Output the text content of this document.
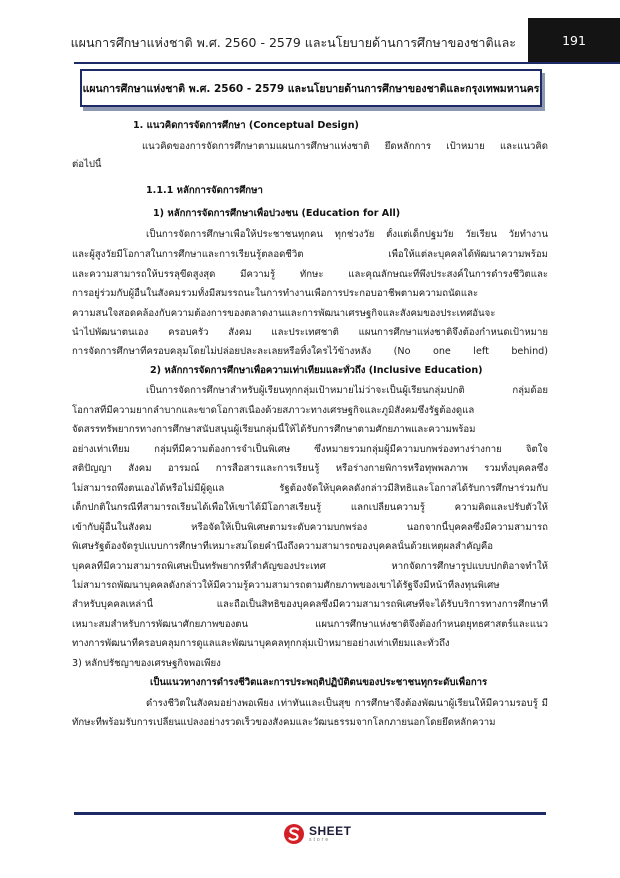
แผนการศึกษาแห่งชาติ พ.ศ. 2560 - 2579 และนโยบายด้านการศึกษาของชาติและ	191
แผนการศึกษาแห่งชาติ พ.ศ. 2560 - 2579 และนโยบายด้านการศึกษาของชาติและกรุงเทพมหานคร
1. แนวคิดการจัดการศึกษา (Conceptual Design)
แนวคิดของการจัดการศึกษาตามแผนการศึกษาแห่งชาติ ยึดหลักการ เป้าหมาย และแนวคิด
ต่อไปนี้
1.1.1 หลักการจัดการศึกษา
1) หลักการจัดการศึกษาเพื่อปวงชน (Education for All)
เป็นการจัดการศึกษาเพื่อให้ประชาชนทุกคน ทุกช่วงวัย ตั้งแต่เด็กปฐมวัย วัยเรียน วัยทำงาน
และผู้สูงวัยมีโอกาสในการศึกษาและการเรียนรู้ตลอดชีวิต เพื่อให้แต่ละบุคคลได้พัฒนาความพร้อม
และความสามารถให้บรรลุขีดสูงสุด มีความรู้ ทักษะ และคุณลักษณะที่พึงประสงค์ในการดำรงชีวิตและ
การอยู่ร่วมกับผู้อื่นในสังคมรวมทั้งมีสมรรถนะในการทำงานเพื่อการประกอบอาชีพตามความถนัดและ
ความสนใจสอดคล้องกับความต้องการของตลาดงานและการพัฒนาเศรษฐกิจและสังคมของประเทศอันจะ
นำไปพัฒนาตนเอง ครอบครัว สังคม และประเทศชาติ แผนการศึกษาแห่งชาติจึงต้องกำหนดเป้าหมาย
การจัดการศึกษาที่ครอบคลุมโดยไม่ปล่อยปละละเลยหรือทิ้งใครไว้ข้างหลัง (No one left behind)
2) หลักการจัดการศึกษาเพื่อความเท่าเทียมและทั่วถึง (Inclusive Education)
เป็นการจัดการศึกษาสำหรับผู้เรียนทุกกลุ่มเป้าหมายไม่ว่าจะเป็นผู้เรียนกลุ่มปกติ กลุ่มด้อย
โอกาสที่มีความยากลำบากและขาดโอกาสเนื่องด้วยสภาวะทางเศรษฐกิจและภูมิสังคมซึ่งรัฐต้องดูแล
จัดสรรทรัพยากรทางการศึกษาสนับสนุนผู้เรียนกลุ่มนี้ให้ได้รับการศึกษาตามศักยภาพและความพร้อม
อย่างเท่าเทียม กลุ่มที่มีความต้องการจำเป็นพิเศษ ซึ่งหมายรวมกลุ่มผู้มีความบกพร่องทางร่างกาย จิตใจ
สติปัญญา สังคม อารมณ์ การสื่อสารและการเรียนรู้ หรือร่างกายพิการหรือทุพพลภาพ รวมทั้งบุคคลซึ่ง
ไม่สามารถพึ่งตนเองได้หรือไม่มีผู้ดูแล รัฐต้องจัดให้บุคคลดังกล่าวมีสิทธิและโอกาสได้รับการศึกษาร่วมกับ
เด็กปกติในกรณีที่สามารถเรียนได้เพื่อให้เขาได้มีโอกาสเรียนรู้ แลกเปลี่ยนความรู้ ความคิดและปรับตัวให้
เข้ากับผู้อื่นในสังคม หรือจัดให้เป็นพิเศษตามระดับความบกพร่อง นอกจากนี้บุคคลซึ่งมีความสามารถ
พิเศษรัฐต้องจัดรูปแบบการศึกษาที่เหมาะสมโดยคำนึงถึงความสามารถของบุคคลนั้นด้วยเหตุผลสำคัญคือ
บุคคลที่มีความสามารถพิเศษเป็นทรัพยากรที่สำคัญของประเทศ หากจัดการศึกษารูปแบบปกติอาจทำให้
ไม่สามารถพัฒนาบุคคลดังกล่าวให้มีความรู้ความสามารถตามศักยภาพของเขาได้รัฐจึงมีหน้าที่ลงทุนพิเศษ
สำหรับบุคคลเหล่านี้ และถือเป็นสิทธิของบุคคลซึ่งมีความสามารถพิเศษที่จะได้รับบริการทางการศึกษาที่
เหมาะสมสำหรับการพัฒนาศักยภาพของตน แผนการศึกษาแห่งชาติจึงต้องกำหนดยุทธศาสตร์และแนว
ทางการพัฒนาที่ครอบคลุมการดูแลและพัฒนาบุคคลทุกกลุ่มเป้าหมายอย่างเท่าเทียมและทั่วถึง
3) หลักปรัชญาของเศรษฐกิจพอเพียง
เป็นแนวทางการดำรงชีวิตและการประพฤติปฏิบัติตนของประชาชนทุกระดับเพื่อการ
ดำรงชีวิตในสังคมอย่างพอเพียง เท่าทันและเป็นสุข การศึกษาจึงต้องพัฒนาผู้เรียนให้มีความรอบรู้ มี
ทักษะที่พร้อมรับการเปลี่ยนแปลงอย่างรวดเร็วของสังคมและวัฒนธรรมจากโลกภายนอกโดยยึดหลักความ
SHEET
store
